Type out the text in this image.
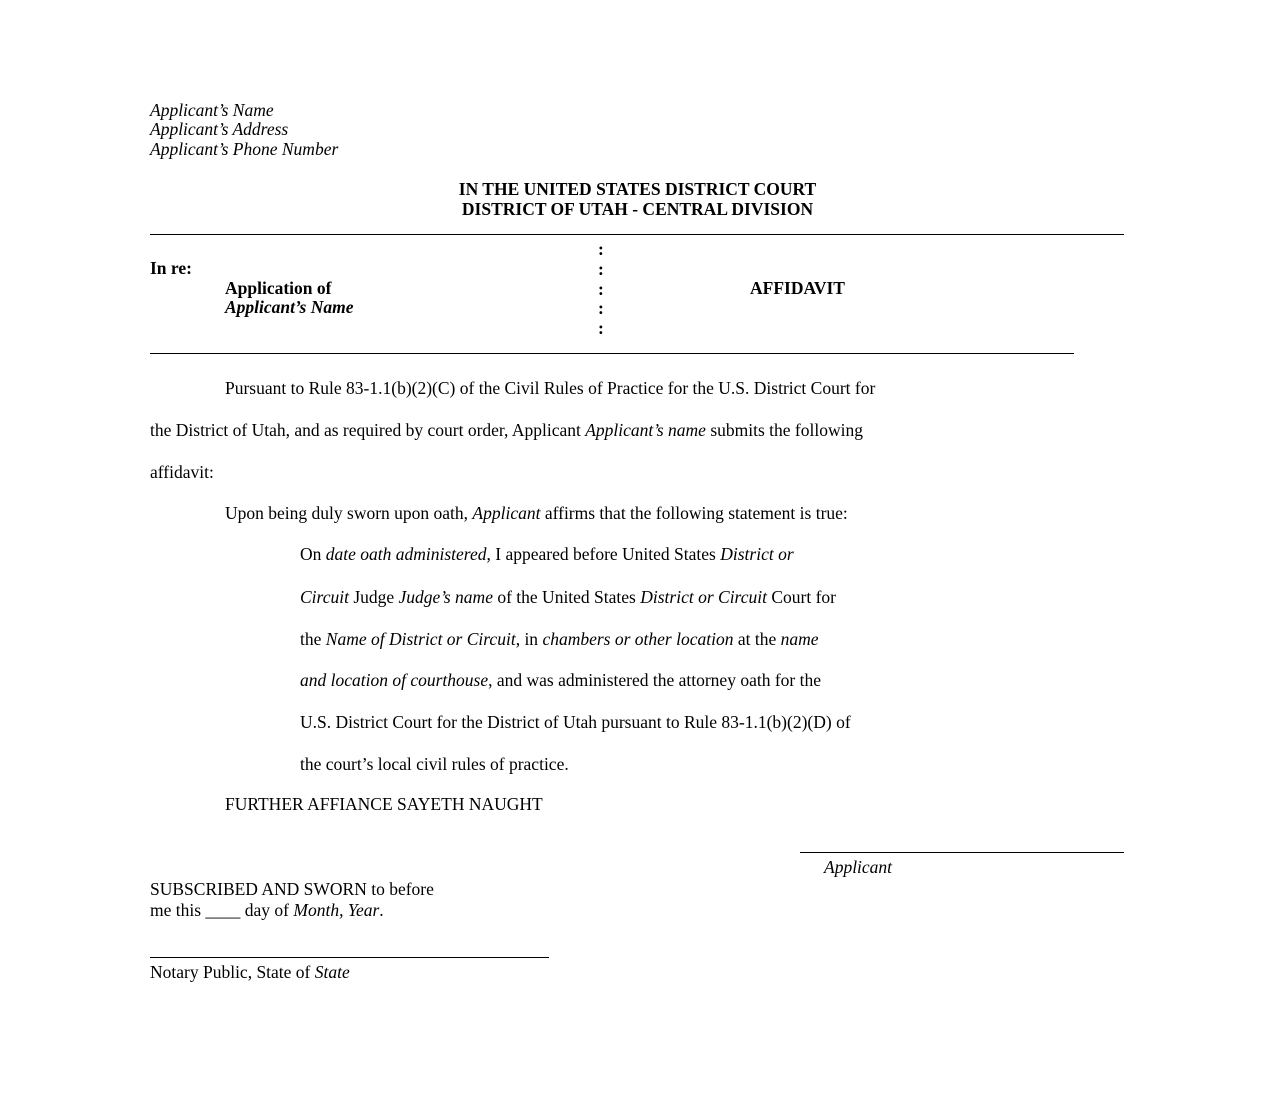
Applicant’s Name
Applicant’s Address
Applicant’s Phone Number
IN THE UNITED STATES DISTRICT COURT
DISTRICT OF UTAH - CENTRAL DIVISION
In re:
Application of
Applicant’s Name
:
:
:
:
:
AFFIDAVIT
Pursuant to Rule 83-1.1(b)(2)(C) of the Civil Rules of Practice for the U.S. District Court for
the District of Utah, and as required by court order, Applicant Applicant’s name submits the following
affidavit:
Upon being duly sworn upon oath, Applicant affirms that the following statement is true:
On date oath administered, I appeared before United States District or
Circuit Judge Judge’s name of the United States District or Circuit Court for
the Name of District or Circuit, in chambers or other location at the name
and location of courthouse, and was administered the attorney oath for the
U.S. District Court for the District of Utah pursuant to Rule 83-1.1(b)(2)(D) of
the court’s local civil rules of practice.
FURTHER AFFIANCE SAYETH NAUGHT
Applicant
SUBSCRIBED AND SWORN to before
me this ____ day of Month, Year.
Notary Public, State of State
